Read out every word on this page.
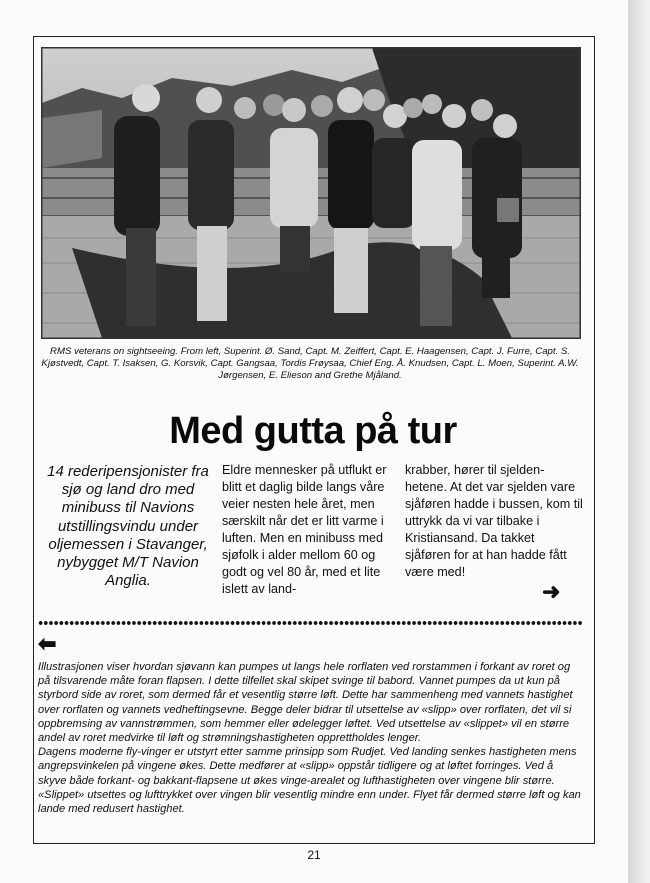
RMS veterans on sightseeing. From left, Superint. Ø. Sand, Capt. M. Zeiffert, Capt. E. Haagensen, Capt. J. Furre, Capt. S. Kjøstvedt, Capt. T. Isaksen, G. Korsvik, Capt. Gangsaa, Tordis Frøysaa, Chief Eng. Å. Knudsen, Capt. L. Moen, Superint. A.W. Jørgensen, E. Elieson and Grethe Mjåland.
Med gutta på tur
14 rederipensjonister fra sjø og land dro med minibuss til Navions utstillingsvindu under oljemessen i Stavanger, nybygget M/T Navion Anglia.
Eldre mennesker på utflukt er blitt et daglig bilde langs våre veier nesten hele året, men særskilt når det er litt varme i luften. Men en minibuss med sjøfolk i alder mellom 60 og godt og vel 80 år, med et lite islett av land-
krabber, hører til sjelden-hetene. At det var sjelden vare sjåføren hadde i bussen, kom til uttrykk da vi var tilbake i Kristiansand. Da takket sjåføren for at han hadde fått være med!
➜
⬅

Illustrasjonen viser hvordan sjøvann kan pumpes ut langs hele rorflaten ved rorstammen i forkant av roret og på tilsvarende måte foran flapsen. I dette tilfellet skal skipet svinge til babord. Vannet pumpes da ut kun på styrbord side av roret, som dermed får et vesentlig større løft. Dette har sammenheng med vannets hastighet over rorflaten og vannets vedheftingsevne. Begge deler bidrar til utsettelse av «slipp» over rorflaten, det vil si oppbremsing av vannstrømmen, som hemmer eller ødelegger løftet. Ved utsettelse av «slippet» vil en større andel av roret medvirke til løft og strømningshastigheten opprettholdes lenger.

Dagens moderne fly-vinger er utstyrt etter samme prinsipp som Rudjet. Ved landing senkes hastigheten mens angrepsvinkelen på vingene økes. Dette medfører at «slipp» oppstår tidligere og at løftet forringes. Ved å skyve både forkant- og bakkant-flapsene ut økes vinge-arealet og lufthastigheten over vingene blir større. «Slippet» utsettes og lufttrykket over vingen blir vesentlig mindre enn under. Flyet får dermed større løft og kan lande med redusert hastighet.

21
